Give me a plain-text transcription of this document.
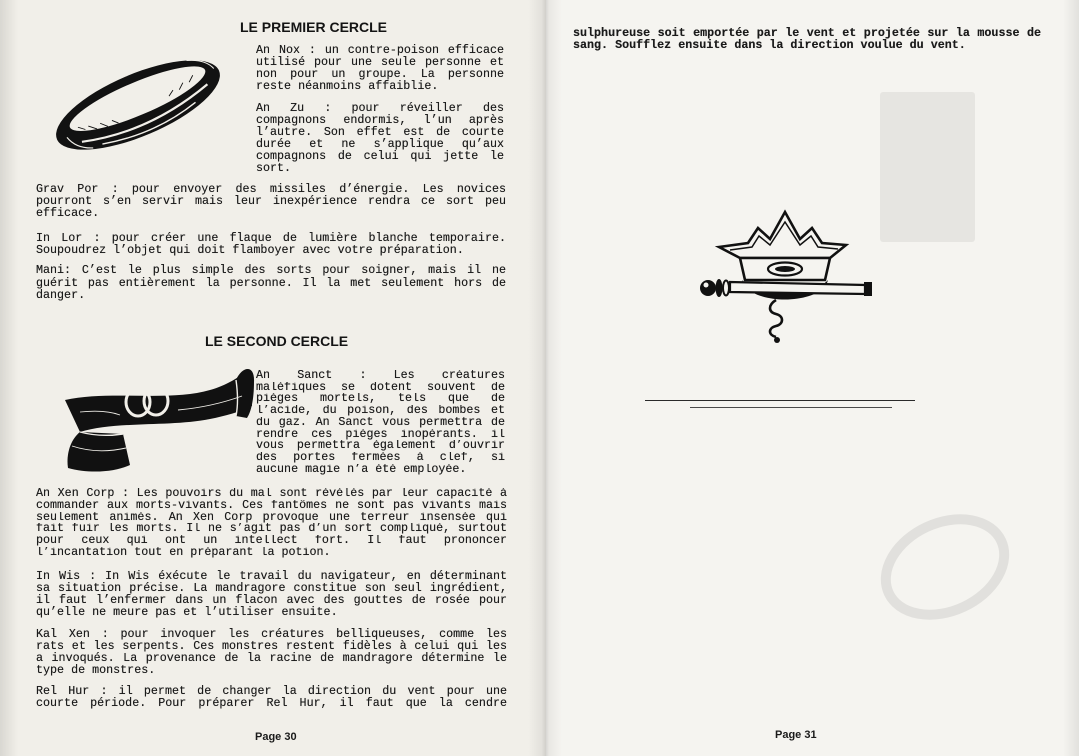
LE PREMIER CERCLE
An Nox : un contre-poison efficace
utilisé pour une seule personne et
non pour un groupe. La personne
reste néanmoins affaiblie.
An Zu : pour réveiller des
compagnons endormis, l’un après
l’autre. Son effet est de courte
durée et ne s’applique qu’aux
compagnons de celui qui jette le
sort.
Grav Por : pour envoyer des missiles d’énergie. Les novices
pourront s’en servir mais leur inexpérience rendra ce sort peu
efficace.
In Lor : pour créer une flaque de lumière blanche temporaire.
Soupoudrez l’objet qui doit flamboyer avec votre préparation.
Mani: C’est le plus simple des sorts pour soigner, mais il ne
guérit pas entièrement la personne. Il la met seulement hors de
danger.
LE SECOND CERCLE
An Sanct : Les créatures
maléfiques se dotent souvent de
pièges mortels, tels que de
l’acide, du poison, des bombes et
du gaz. An Sanct vous permettra de
rendre ces pièges inopérants. il
vous permettra également d’ouvrir
des portes fermées à clef, si
aucune magie n’a été employée.
An Xen Corp : Les pouvoirs du mal sont révélés par leur capacité à
commander aux morts-vivants. Ces fantômes ne sont pas vivants mais
seulement animés. An Xen Corp provoque une terreur insensée qui
fait fuir les morts. Il ne s’agit pas d’un sort compliqué, surtout
pour ceux qui ont un intellect fort. Il faut prononcer
l’incantation tout en préparant la potion.
In Wis : In Wis éxécute le travail du navigateur, en déterminant
sa situation précise. La mandragore constitue son seul ingrédient,
il faut l’enfermer dans un flacon avec des gouttes de rosée pour
qu’elle ne meure pas et l’utiliser ensuite.
Kal Xen : pour invoquer les créatures belliqueuses, comme les
rats et les serpents. Ces monstres restent fidèles à celui qui les
a invoqués. La provenance de la racine de mandragore détermine le
type de monstres.
Rel Hur : il permet de changer la direction du vent pour une
courte période. Pour préparer Rel Hur, il faut que la cendre
Page 30
sulphureuse soit emportée par le vent et projetée sur la mousse de
sang. Soufflez ensuite dans la direction voulue du vent.
Page 31
